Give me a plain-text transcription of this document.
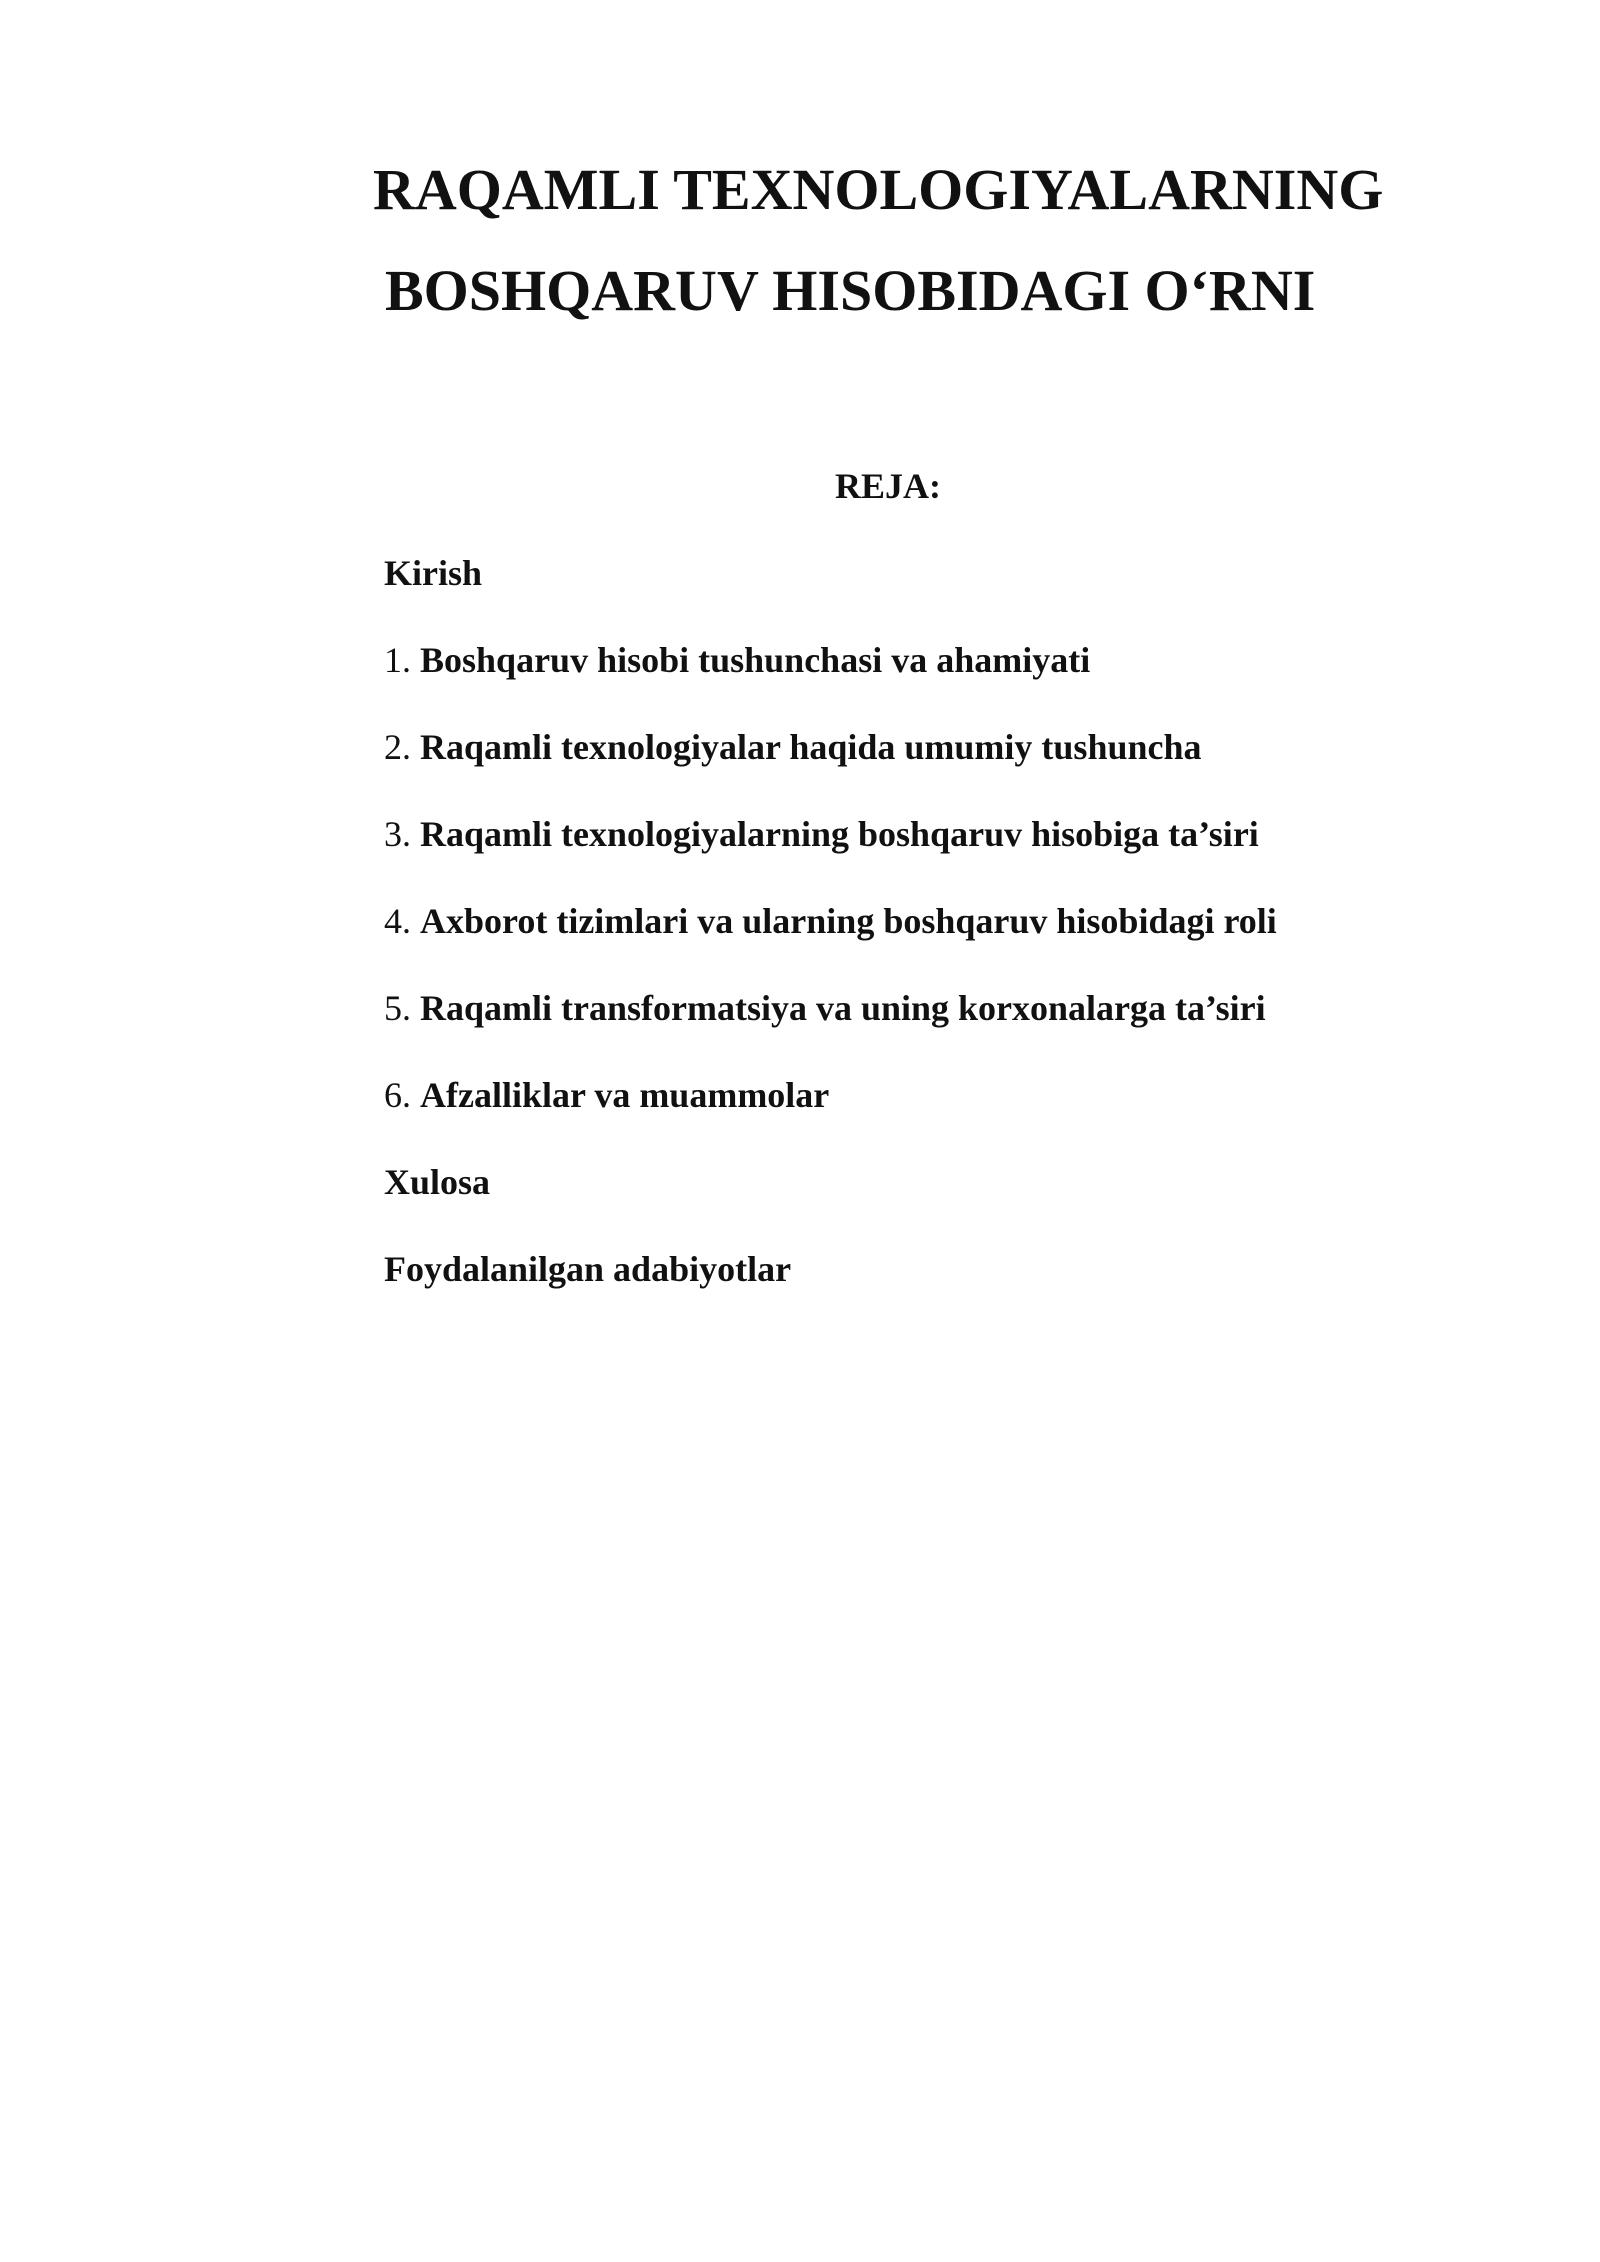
RAQAMLI TEXNOLOGIYALARNING
BOSHQARUV HISOBIDAGI O‘RNI
REJA:
Kirish
1. Boshqaruv hisobi tushunchasi va ahamiyati
2. Raqamli texnologiyalar haqida umumiy tushuncha
3. Raqamli texnologiyalarning boshqaruv hisobiga ta’siri
4. Axborot tizimlari va ularning boshqaruv hisobidagi roli
5. Raqamli transformatsiya va uning korxonalarga ta’siri
6. Afzalliklar va muammolar
Xulosa
Foydalanilgan adabiyotlar
